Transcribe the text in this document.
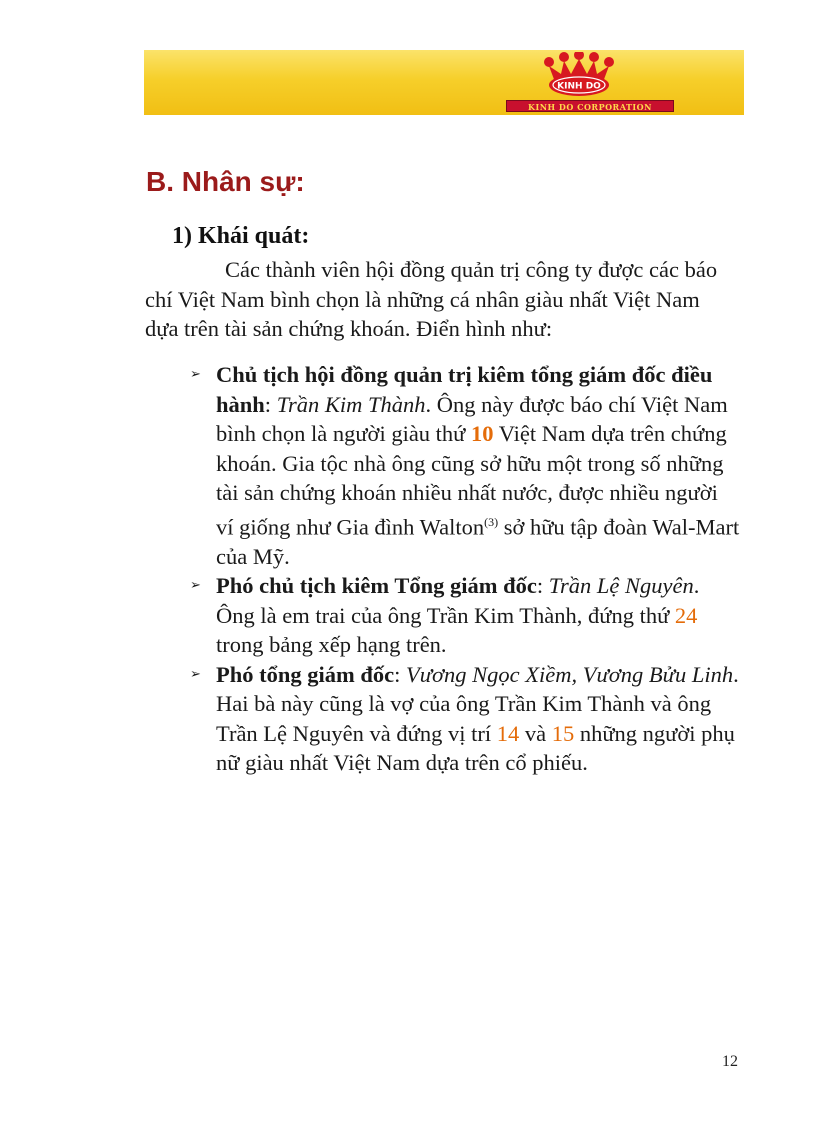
KINH DO
KINH DO CORPORATION
B. Nhân sự:
1) Khái quát:

Các thành viên hội đồng quản trị công ty được các báo chí Việt Nam bình chọn là những cá nhân giàu nhất Việt Nam dựa trên tài sản chứng khoán. Điển hình như:

➢ Chủ tịch hội đồng quản trị kiêm tổng giám đốc điều hành: Trần Kim Thành. Ông này được báo chí Việt Nam bình chọn là người giàu thứ 10 Việt Nam dựa trên chứng khoán. Gia tộc nhà ông cũng sở hữu một trong số những tài sản chứng khoán nhiều nhất nước, được nhiều người ví giống như Gia đình Walton$^{(3)}$ sở hữu tập đoàn Wal-Mart của Mỹ.
➢ Phó chủ tịch kiêm Tổng giám đốc: Trần Lệ Nguyên. Ông là em trai của ông Trần Kim Thành, đứng thứ 24 trong bảng xếp hạng trên.
➢ Phó tổng giám đốc: Vương Ngọc Xiềm, Vương Bửu Linh. Hai bà này cũng là vợ của ông Trần Kim Thành và ông Trần Lệ Nguyên và đứng vị trí 14 và 15 những người phụ nữ giàu nhất Việt Nam dựa trên cổ phiếu.
12
